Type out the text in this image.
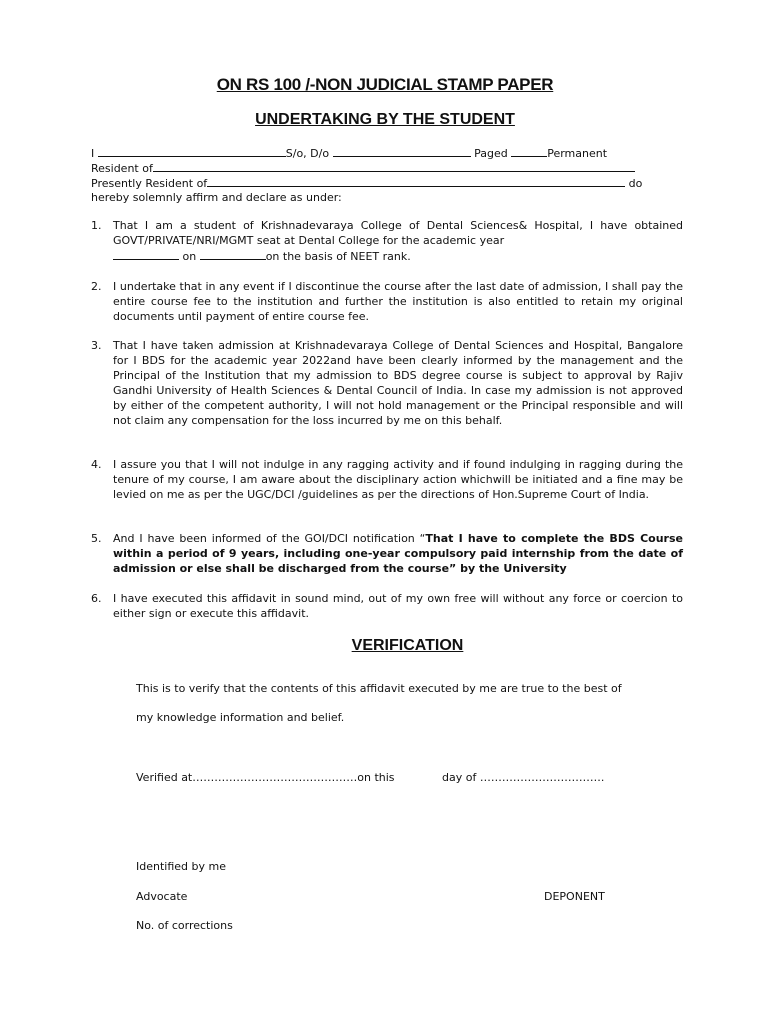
ON RS 100 /-NON JUDICIAL STAMP PAPER
UNDERTAKING BY THE STUDENT
I	S/o, D/o	Paged	Permanent
Resident of
Presently Resident of	do
hereby solemnly affirm and declare as under:
1.	That I am a student of Krishnadevaraya College of Dental Sciences& Hospital, I have obtained GOVT/PRIVATE/NRI/MGMT seat at Dental College for the academic year
on	on the basis of NEET rank.
2.	I undertake that in any event if I discontinue the course after the last date of admission, I shall pay the entire course fee to the institution and further the institution is also entitled to retain my original documents until payment of entire course fee.
3.	That I have taken admission at Krishnadevaraya College of Dental Sciences and Hospital, Bangalore for I BDS for the academic year 2022and have been clearly informed by the management and the Principal of the Institution that my admission to BDS degree course is subject to approval by Rajiv Gandhi University of Health Sciences & Dental Council of India. In case my admission is not approved by either of the competent authority, I will not hold management or the Principal responsible and will not claim any compensation for the loss incurred by me on this behalf.
4.	I assure you that I will not indulge in any ragging activity and if found indulging in ragging during the tenure of my course, I am aware about the disciplinary action whichwill be initiated and a fine may be levied on me as per the UGC/DCI /guidelines as per the directions of Hon.Supreme Court of India.
5.	And I have been informed of the GOI/DCI notification “That I have to complete the BDS Course within a period of 9 years, including one-year compulsory paid internship from the date of admission or else shall be discharged from the course” by the University
6.	I have executed this affidavit in sound mind, out of my own free will without any force or coercion to either sign or execute this affidavit.
VERIFICATION
This is to verify that the contents of this affidavit executed by me are true to the best of
my knowledge information and belief.
Verified at………………………………………on this	day of …………………………….
Identified by me
Advocate	DEPONENT
No. of corrections
